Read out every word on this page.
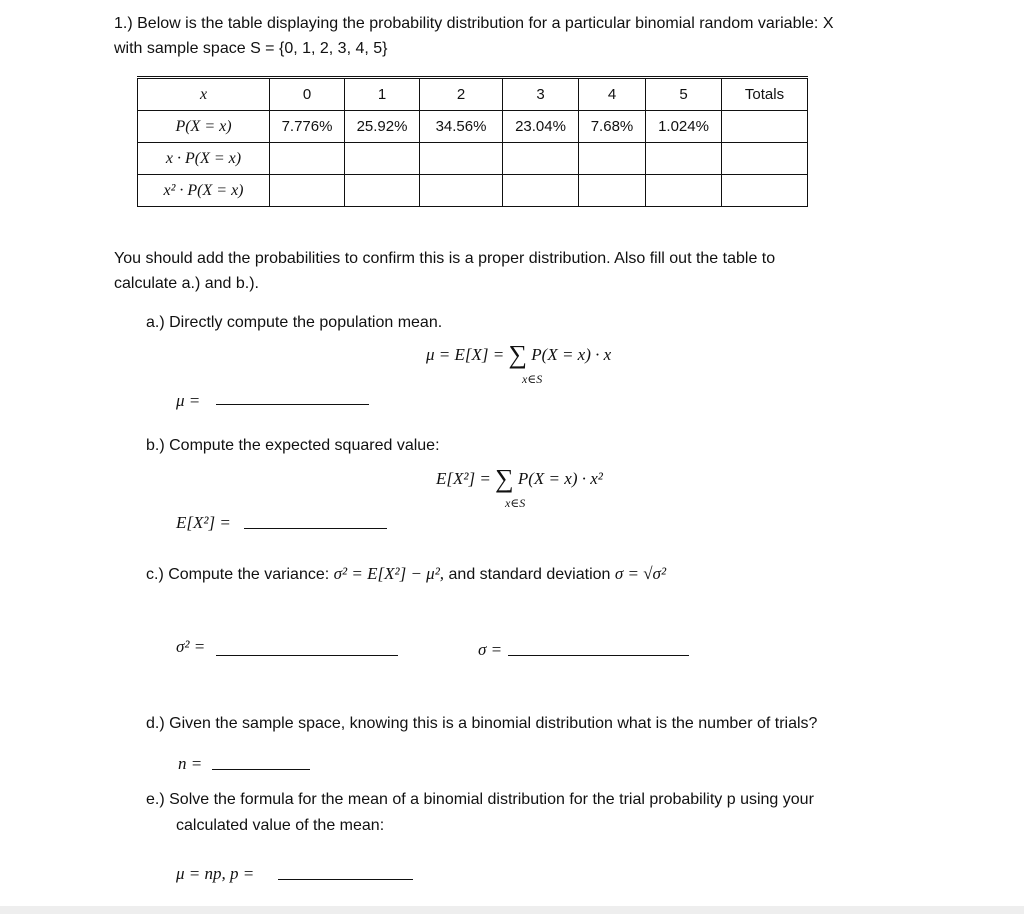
1.) Below is the table displaying the probability distribution for a particular binomial random variable: X
with sample space S = {0, 1, 2, 3, 4, 5}
x	0	1	2	3	4	5	Totals
P(X = x)	7.776%	25.92%	34.56%	23.04%	7.68%	1.024%	
x · P(X = x)							
x² · P(X = x)							
You should add the probabilities to confirm this is a proper distribution. Also fill out the table to
calculate a.) and b.).
a.) Directly compute the population mean.
μ = E[X] = ∑ P(X = x) · x
x∈S
μ =
b.) Compute the expected squared value:
E[X²] = ∑ P(X = x) · x²
x∈S
E[X²] =
c.) Compute the variance: σ² = E[X²] − μ², and standard deviation σ = √σ²
σ² =	σ =
d.) Given the sample space, knowing this is a binomial distribution what is the number of trials?
n =
e.) Solve the formula for the mean of a binomial distribution for the trial probability p using your
calculated value of the mean:
μ = np, p =
